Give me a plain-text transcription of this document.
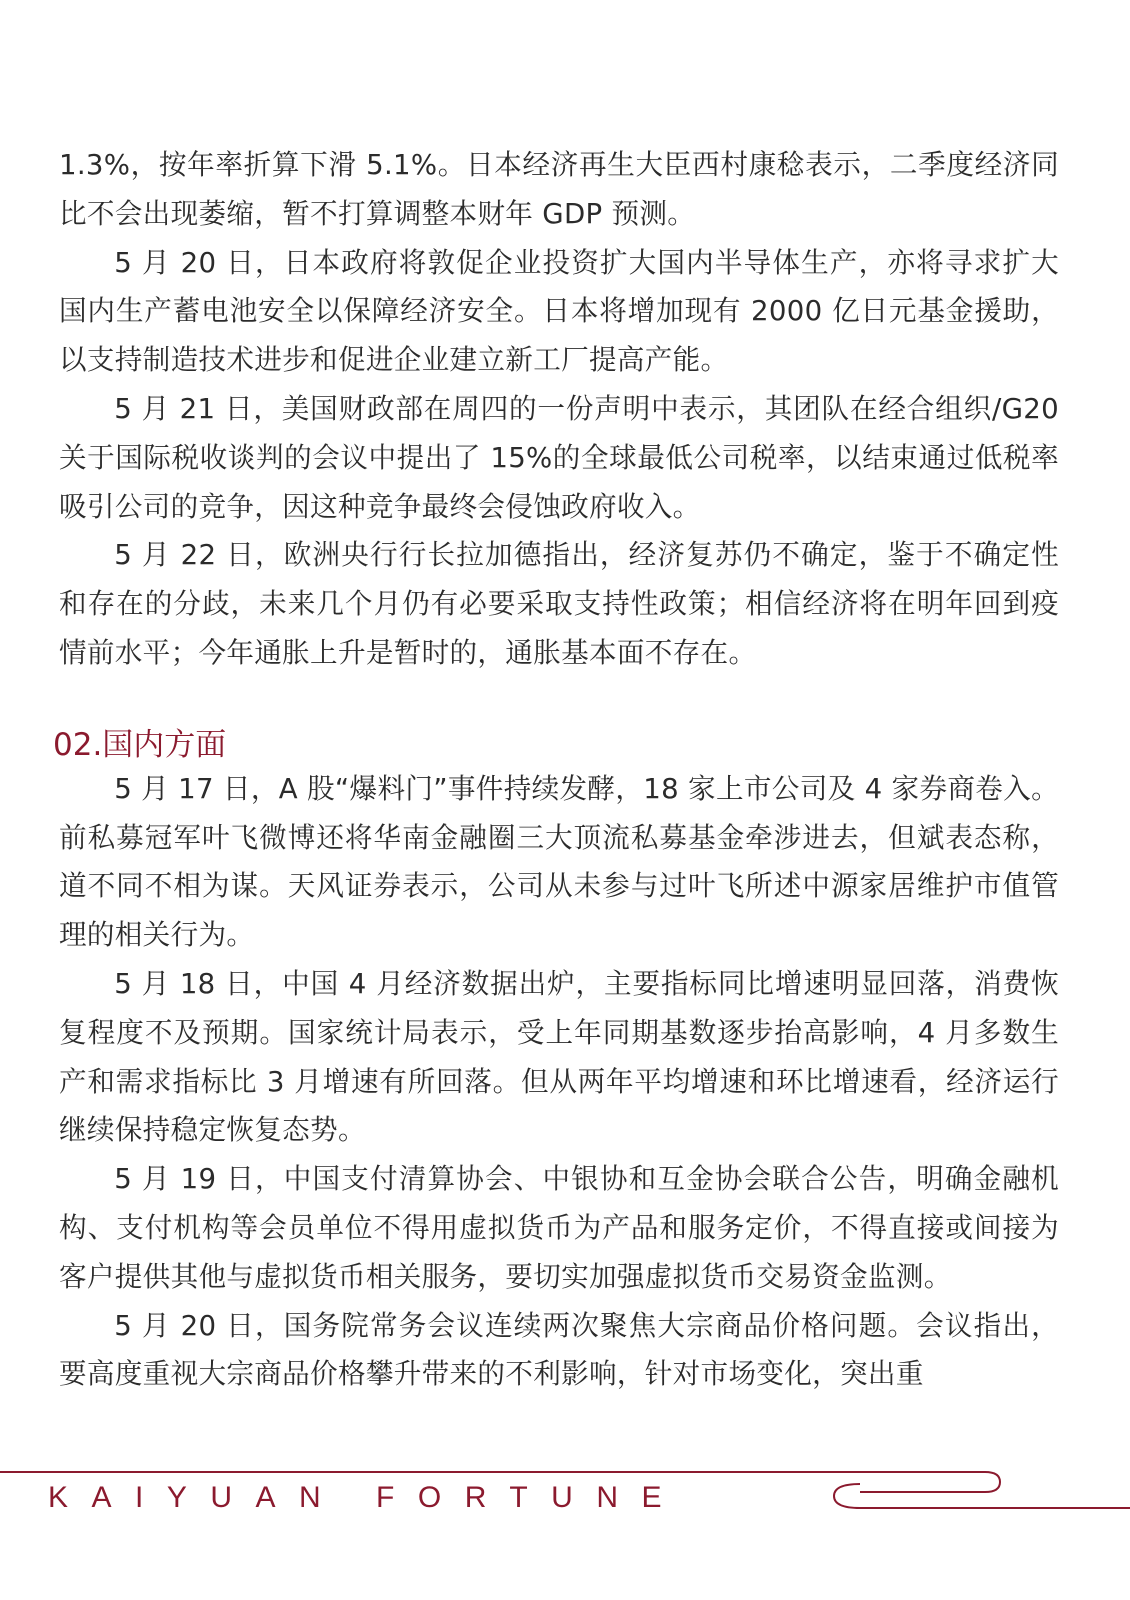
1.3%，按年率折算下滑 5.1%。日本经济再生大臣西村康稔表示，二季度经济同比不会出现萎缩，暂不打算调整本财年 GDP 预测。

5 月 20 日，日本政府将敦促企业投资扩大国内半导体生产，亦将寻求扩大国内生产蓄电池安全以保障经济安全。日本将增加现有 2000 亿日元基金援助，以支持制造技术进步和促进企业建立新工厂提高产能。

5 月 21 日，美国财政部在周四的一份声明中表示，其团队在经合组织/G20 关于国际税收谈判的会议中提出了 15%的全球最低公司税率，以结束通过低税率吸引公司的竞争，因这种竞争最终会侵蚀政府收入。

5 月 22 日，欧洲央行行长拉加德指出，经济复苏仍不确定，鉴于不确定性和存在的分歧，未来几个月仍有必要采取支持性政策；相信经济将在明年回到疫情前水平；今年通胀上升是暂时的，通胀基本面不存在。

02.国内方面

5 月 17 日，A 股“爆料门”事件持续发酵，18 家上市公司及 4 家券商卷入。前私募冠军叶飞微博还将华南金融圈三大顶流私募基金牵涉进去，但斌表态称，道不同不相为谋。天风证券表示，公司从未参与过叶飞所述中源家居维护市值管理的相关行为。

5 月 18 日，中国 4 月经济数据出炉，主要指标同比增速明显回落，消费恢复程度不及预期。国家统计局表示，受上年同期基数逐步抬高影响，4 月多数生产和需求指标比 3 月增速有所回落。但从两年平均增速和环比增速看，经济运行继续保持稳定恢复态势。

5 月 19 日，中国支付清算协会、中银协和互金协会联合公告，明确金融机构、支付机构等会员单位不得用虚拟货币为产品和服务定价，不得直接或间接为客户提供其他与虚拟货币相关服务，要切实加强虚拟货币交易资金监测。

5 月 20 日，国务院常务会议连续两次聚焦大宗商品价格问题。会议指出，要高度重视大宗商品价格攀升带来的不利影响，针对市场变化，突出重

KAIYUAN FORTUNE
